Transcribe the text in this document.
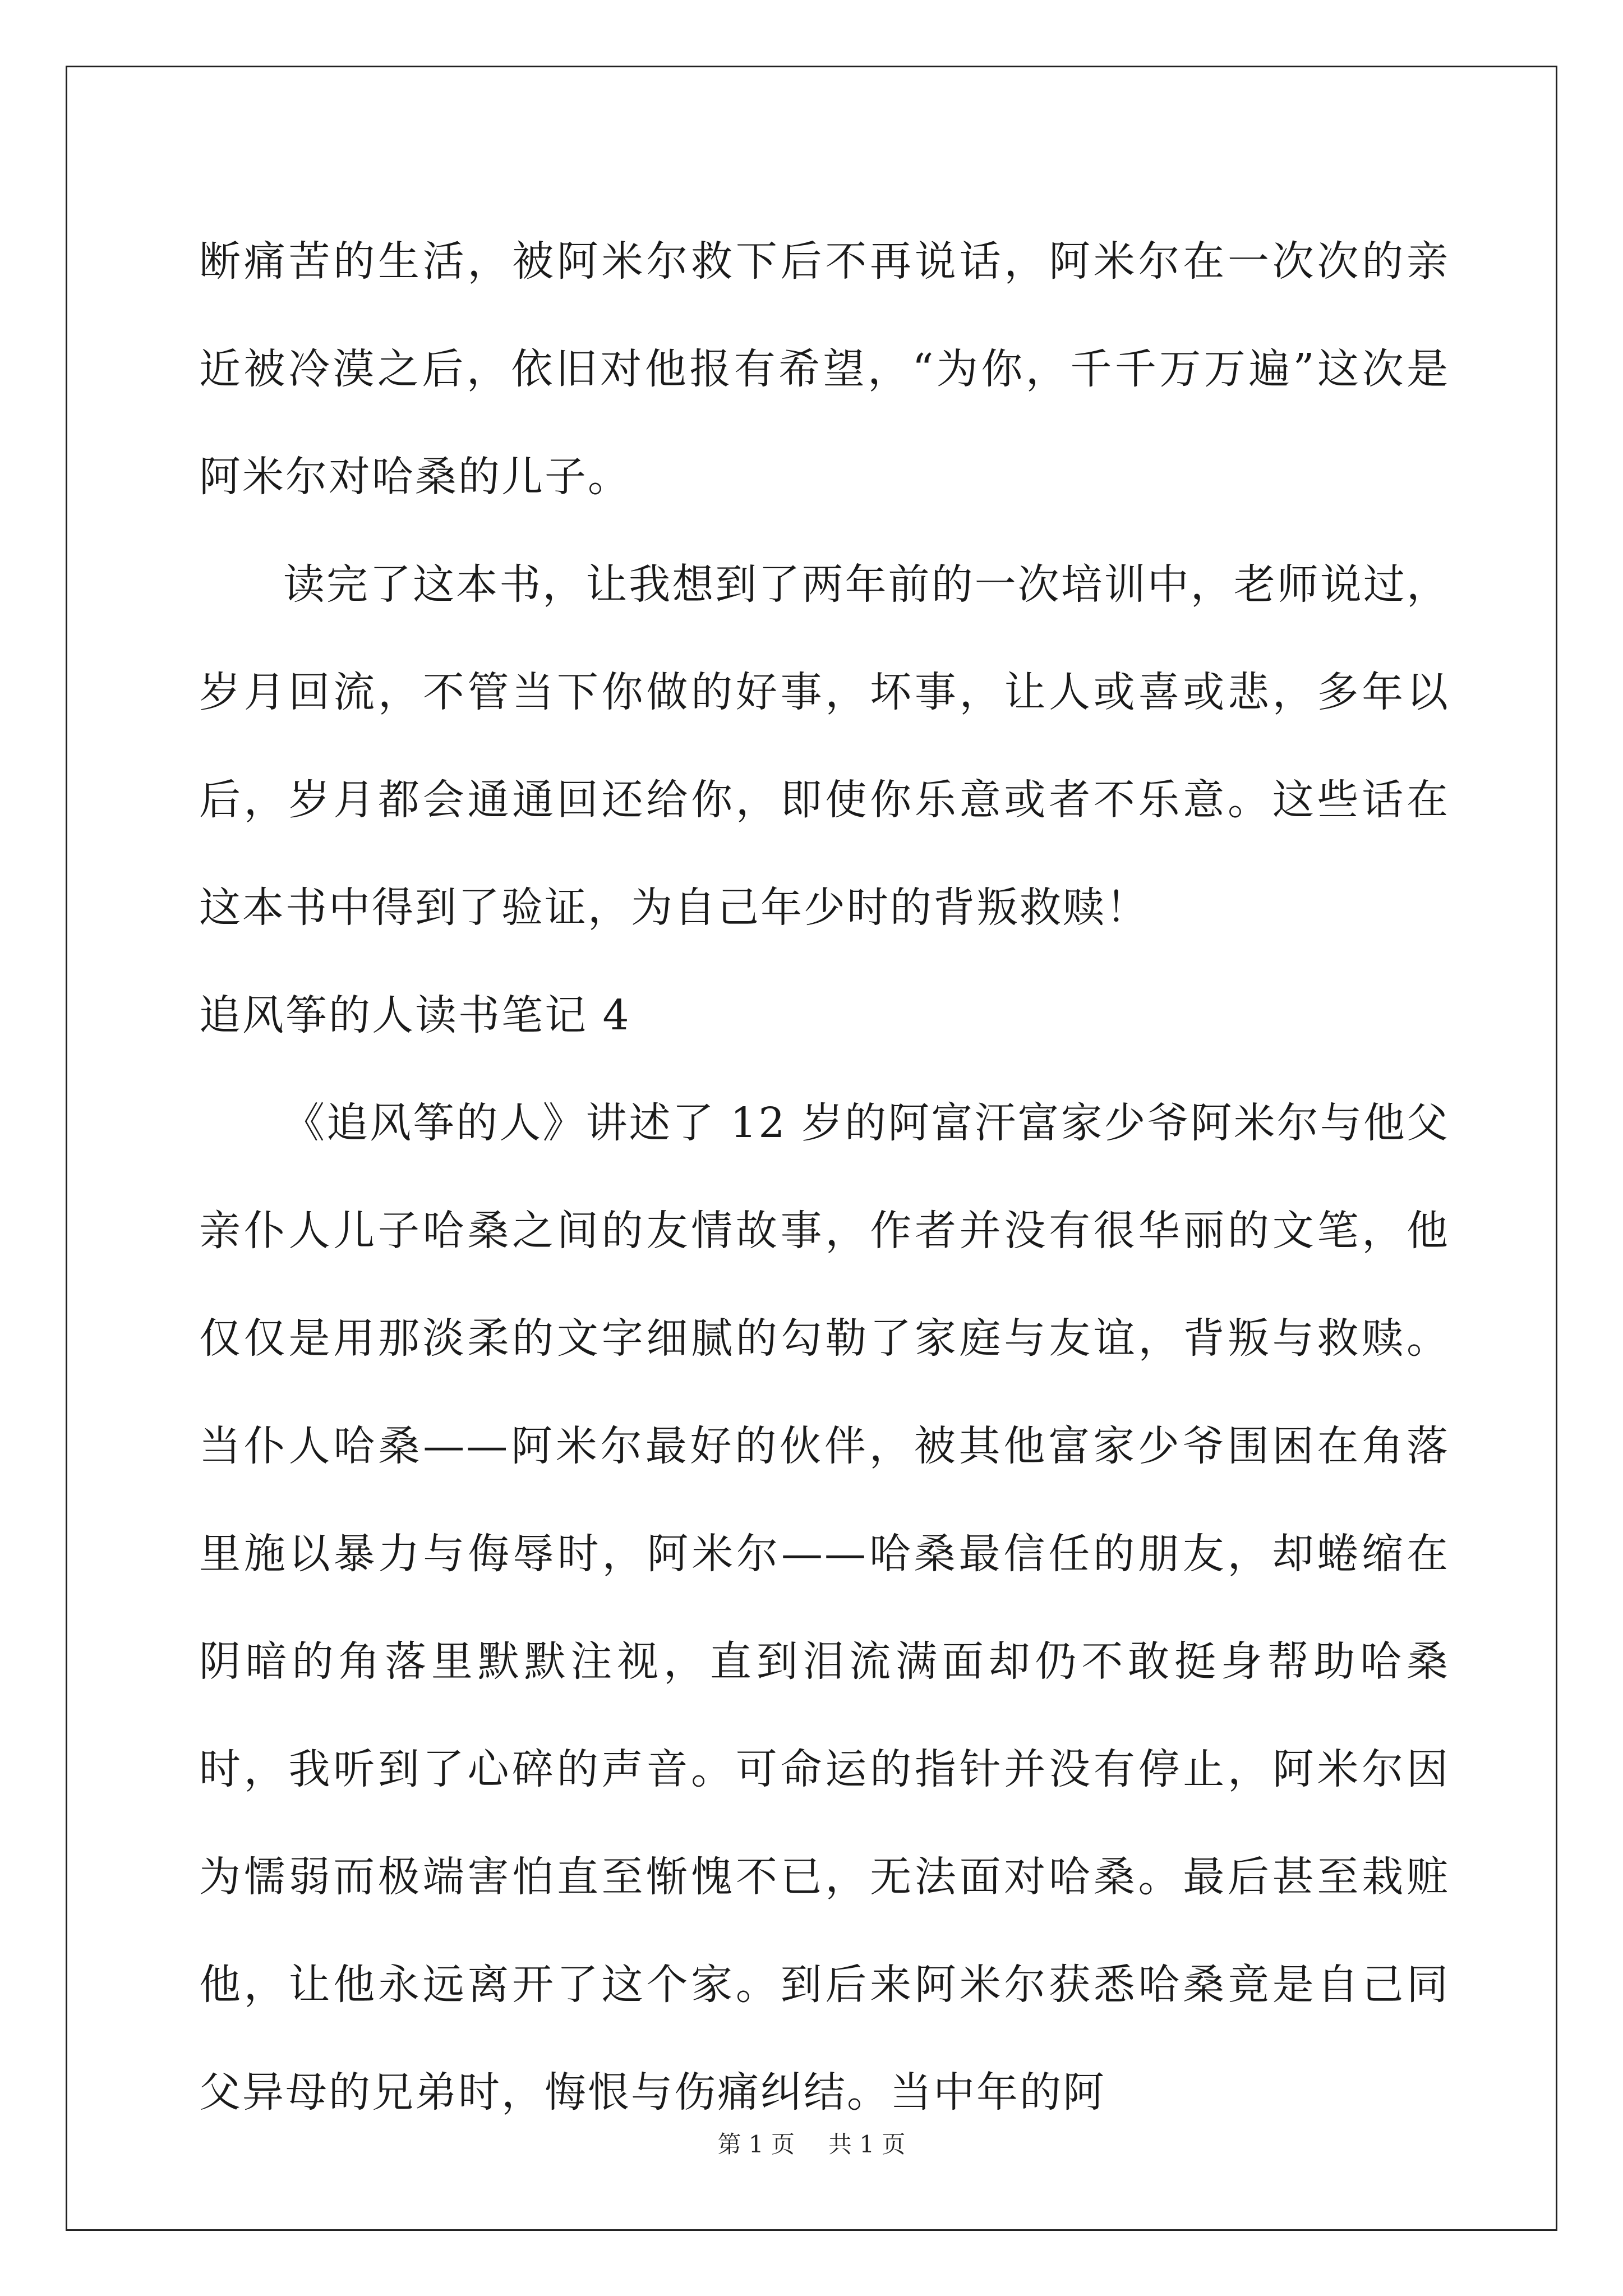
断痛苦的生活，被阿米尔救下后不再说话，阿米尔在一次次的亲近被冷漠之后，依旧对他报有希望，“为你，千千万万遍”这次是阿米尔对哈桑的儿子。

读完了这本书，让我想到了两年前的一次培训中，老师说过，岁月回流，不管当下你做的好事，坏事，让人或喜或悲，多年以后，岁月都会通通回还给你，即使你乐意或者不乐意。这些话在这本书中得到了验证，为自己年少时的背叛救赎！

追风筝的人读书笔记 4

《追风筝的人》讲述了 12 岁的阿富汗富家少爷阿米尔与他父亲仆人儿子哈桑之间的友情故事，作者并没有很华丽的文笔，他仅仅是用那淡柔的文字细腻的勾勒了家庭与友谊，背叛与救赎。当仆人哈桑——阿米尔最好的伙伴，被其他富家少爷围困在角落里施以暴力与侮辱时，阿米尔——哈桑最信任的朋友，却蜷缩在阴暗的角落里默默注视，直到泪流满面却仍不敢挺身帮助哈桑时，我听到了心碎的声音。可命运的指针并没有停止，阿米尔因为懦弱而极端害怕直至惭愧不已，无法面对哈桑。最后甚至栽赃他，让他永远离开了这个家。到后来阿米尔获悉哈桑竟是自己同父异母的兄弟时，悔恨与伤痛纠结。当中年的阿

第 1 页 共 1 页
